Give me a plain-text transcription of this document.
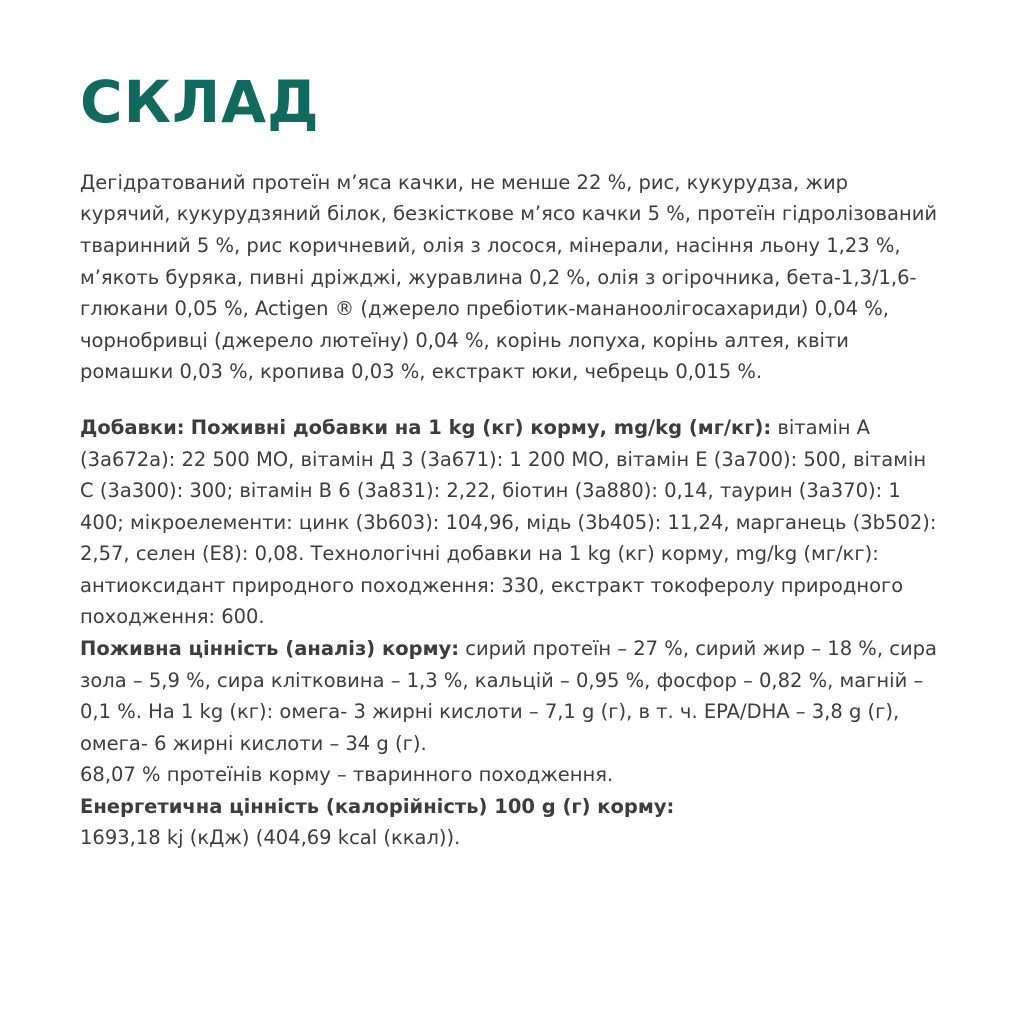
СКЛАД

Дегідратований протеїн м’яса качки, не менше 22 %, рис, кукурудза, жир курячий, кукурудзяний білок, безкісткове м’ясо качки 5 %, протеїн гідролізований тваринний 5 %, рис коричневий, олія з лосося, мінерали, насіння льону 1,23 %, м’якоть буряка, пивні дріжджі, журавлина 0,2 %, олія з огірочника, бета-1,3/1,6-глюкани 0,05 %, Actigen ® (джерело пребіотик-мананоолігосахариди) 0,04 %, чорнобривці (джерело лютеїну) 0,04 %, корінь лопуха, корінь алтея, квіти ромашки 0,03 %, кропива 0,03 %, екстракт юки, чебрець 0,015 %.

Добавки: Поживні добавки на 1 kg (кг) корму, mg/kg (мг/кг): вітамін А (3а672а): 22 500 МО, вітамін Д 3 (3а671): 1 200 МО, вітамін Е (3а700): 500, вітамін С (3а300): 300; вітамін В 6 (3а831): 2,22, біотин (3а880): 0,14, таурин (3а370): 1 400; мікроелементи: цинк (3b603): 104,96, мідь (3b405): 11,24, марганець (3b502): 2,57, селен (Е8): 0,08. Технологічні добавки на 1 kg (кг) корму, mg/kg (мг/кг): антиоксидант природного походження: 330, екстракт токоферолу природного походження: 600.

Поживна цінність (аналіз) корму: сирий протеїн – 27 %, сирий жир – 18 %, сира зола – 5,9 %, сира клітковина – 1,3 %, кальцій – 0,95 %, фосфор – 0,82 %, магній – 0,1 %. На 1 kg (кг): омега- 3 жирні кислоти – 7,1 g (г), в т. ч. EPA/DHA – 3,8 g (г), омега- 6 жирні кислоти – 34 g (г).

68,07 % протеїнів корму – тваринного походження.

Енергетична цінність (калорійність) 100 g (г) корму:

1693,18 kj (кДж) (404,69 kcal (ккал)).
